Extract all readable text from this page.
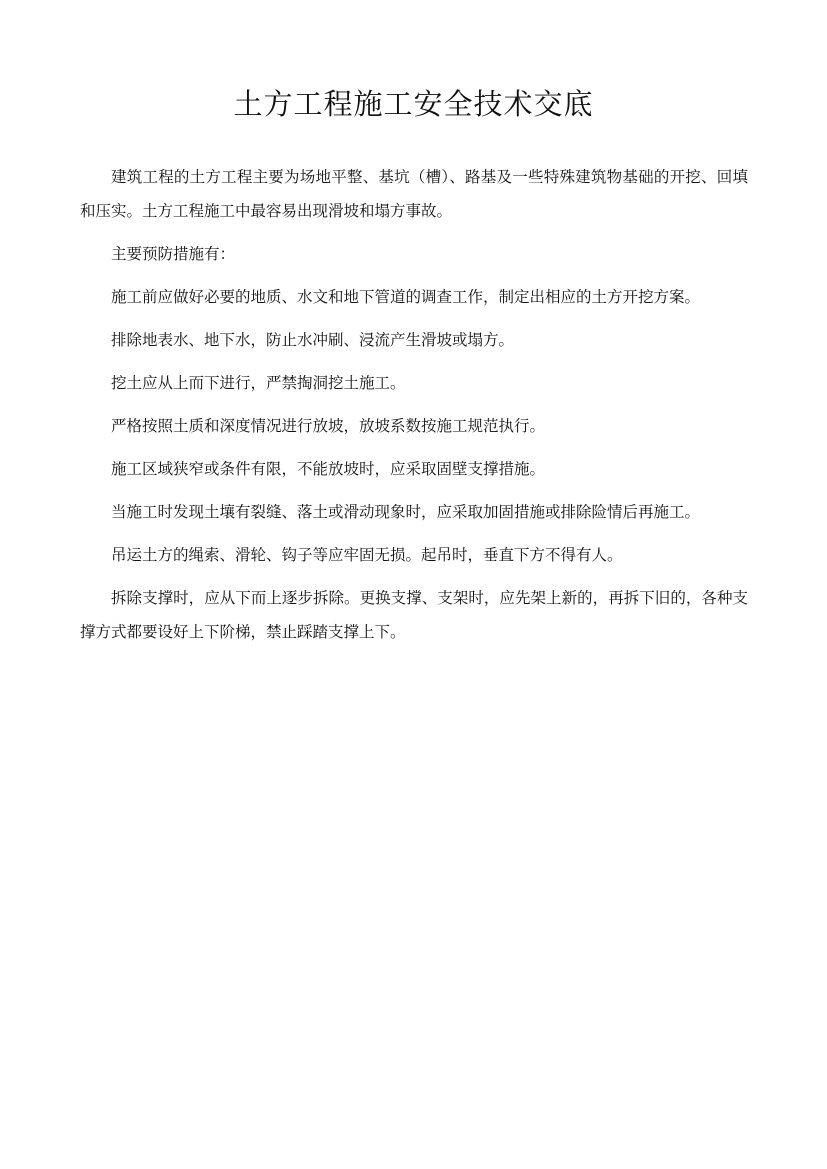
土方工程施工安全技术交底

建筑工程的土方工程主要为场地平整、基坑（槽）、路基及一些特殊建筑物基础的开挖、回填和压实。土方工程施工中最容易出现滑坡和塌方事故。

主要预防措施有：

施工前应做好必要的地质、水文和地下管道的调查工作，制定出相应的土方开挖方案。

排除地表水、地下水，防止水冲刷、浸流产生滑坡或塌方。

挖土应从上而下进行，严禁掏洞挖土施工。

严格按照土质和深度情况进行放坡，放坡系数按施工规范执行。

施工区域狭窄或条件有限，不能放坡时，应采取固壁支撑措施。

当施工时发现土壤有裂缝、落土或滑动现象时，应采取加固措施或排除险情后再施工。

吊运土方的绳索、滑轮、钩子等应牢固无损。起吊时，垂直下方不得有人。

拆除支撑时，应从下而上逐步拆除。更换支撑、支架时，应先架上新的，再拆下旧的，各种支撑方式都要设好上下阶梯，禁止踩踏支撑上下。
